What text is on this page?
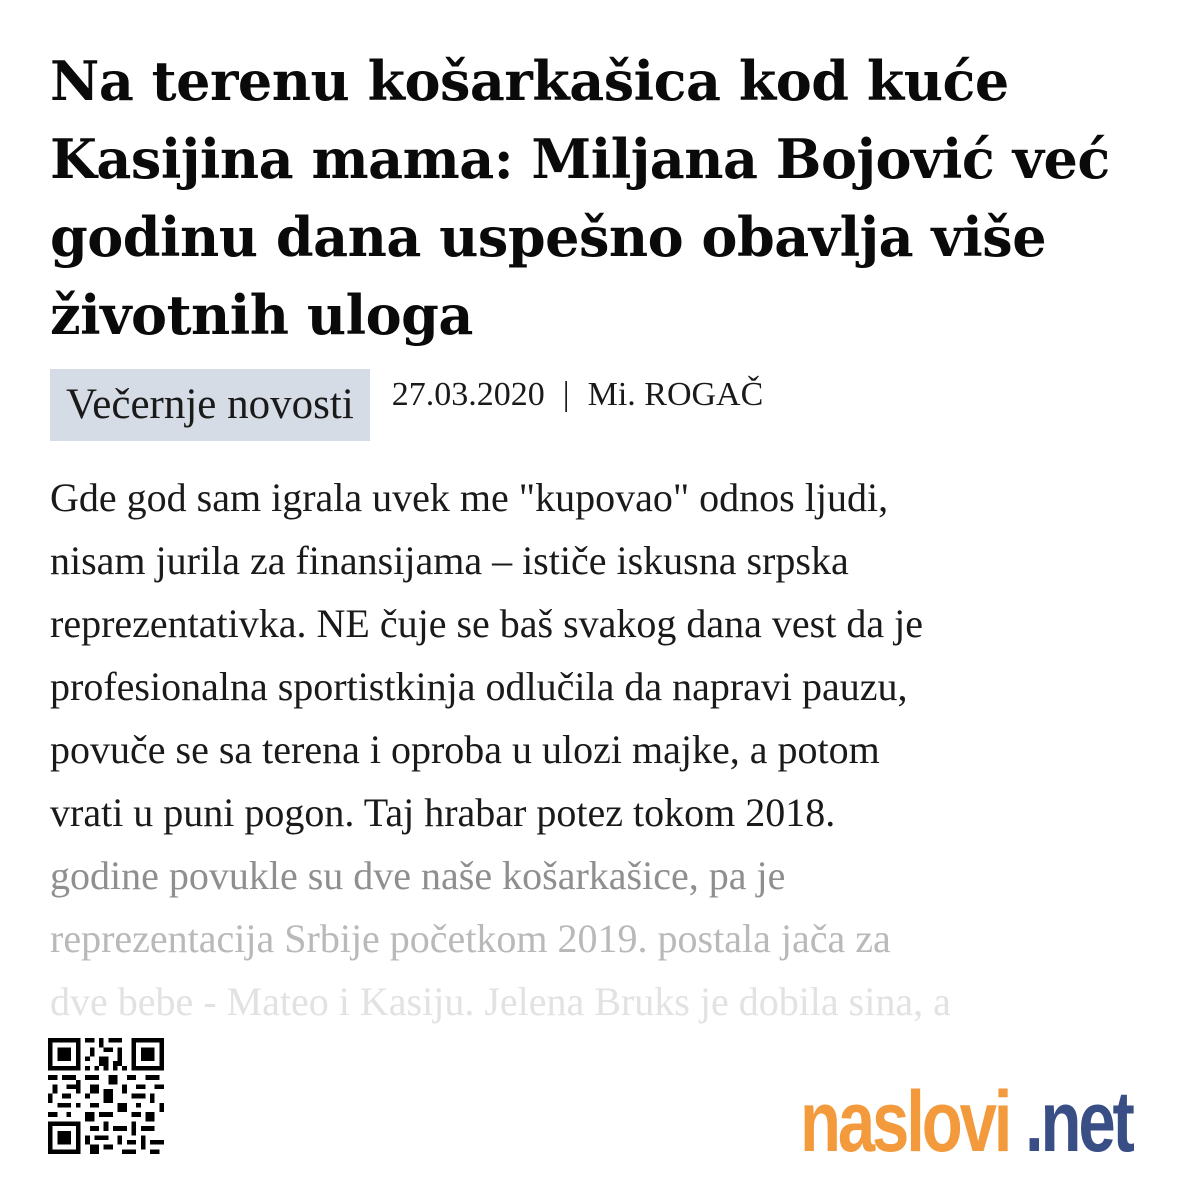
Na terenu košarkašica kod kuće Kasijina mama: Miljana Bojović već godinu dana uspešno obavlja više životnih uloga
Večernje novosti	27.03.2020 | Mi. ROGAČ
Gde god sam igrala uvek me "kupovao" odnos ljudi,
nisam jurila za finansijama – ističe iskusna srpska
reprezentativka. NE čuje se baš svakog dana vest da je
profesionalna sportistkinja odlučila da napravi pauzu,
povuče se sa terena i oproba u ulozi majke, a potom
vrati u puni pogon. Taj hrabar potez tokom 2018.
godine povukle su dve naše košarkašice, pa je
reprezentacija Srbije početkom 2019. postala jača za
dve bebe - Mateo i Kasiju. Jelena Bruks je dobila sina, a
naslovi .net
